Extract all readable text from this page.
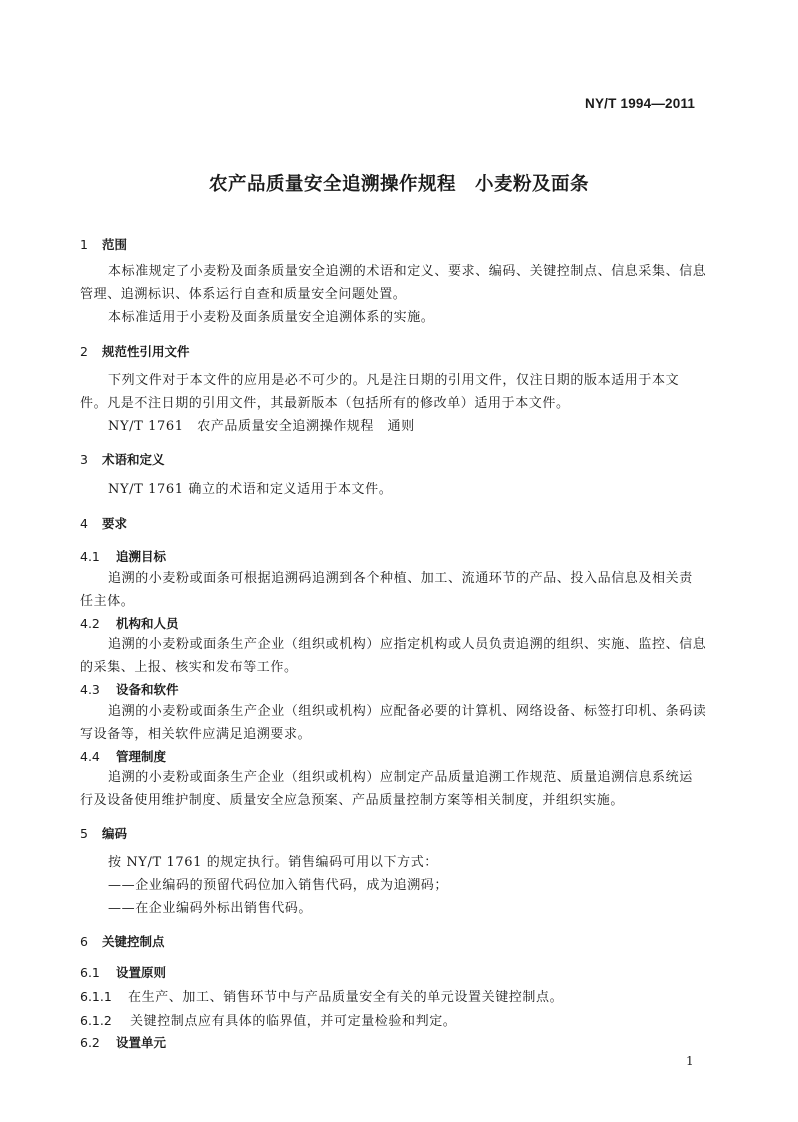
NY/T 1994—2011
农产品质量安全追溯操作规程　小麦粉及面条
1 范围
本标准规定了小麦粉及面条质量安全追溯的术语和定义、要求、编码、关键控制点、信息采集、信息
管理、追溯标识、体系运行自查和质量安全问题处置。
本标准适用于小麦粉及面条质量安全追溯体系的实施。
2 规范性引用文件
下列文件对于本文件的应用是必不可少的。凡是注日期的引用文件，仅注日期的版本适用于本文
件。凡是不注日期的引用文件，其最新版本（包括所有的修改单）适用于本文件。
NY/T 1761　农产品质量安全追溯操作规程　通则
3 术语和定义
NY/T 1761 确立的术语和定义适用于本文件。
4 要求
4.1 追溯目标
追溯的小麦粉或面条可根据追溯码追溯到各个种植、加工、流通环节的产品、投入品信息及相关责
任主体。
4.2 机构和人员
追溯的小麦粉或面条生产企业（组织或机构）应指定机构或人员负责追溯的组织、实施、监控、信息
的采集、上报、核实和发布等工作。
4.3 设备和软件
追溯的小麦粉或面条生产企业（组织或机构）应配备必要的计算机、网络设备、标签打印机、条码读
写设备等，相关软件应满足追溯要求。
4.4 管理制度
追溯的小麦粉或面条生产企业（组织或机构）应制定产品质量追溯工作规范、质量追溯信息系统运
行及设备使用维护制度、质量安全应急预案、产品质量控制方案等相关制度，并组织实施。
5 编码
按 NY/T 1761 的规定执行。销售编码可用以下方式：
——企业编码的预留代码位加入销售代码，成为追溯码；
——在企业编码外标出销售代码。
6 关键控制点
6.1 设置原则
6.1.1 在生产、加工、销售环节中与产品质量安全有关的单元设置关键控制点。
6.1.2 关键控制点应有具体的临界值，并可定量检验和判定。
6.2 设置单元
1
